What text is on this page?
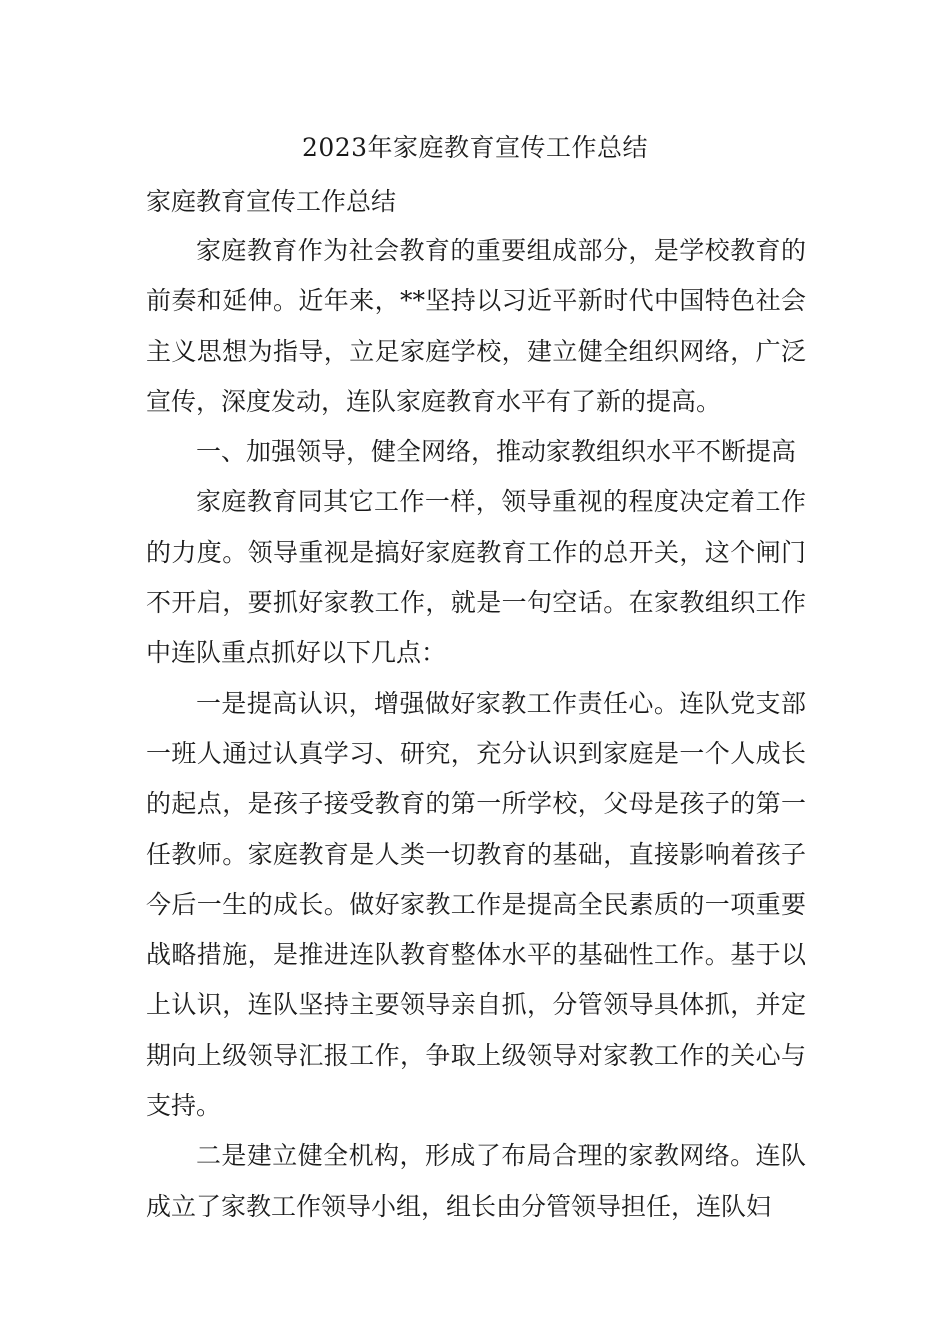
2023年家庭教育宣传工作总结
家庭教育宣传工作总结

家庭教育作为社会教育的重要组成部分，是学校教育的前奏和延伸。近年来，**坚持以习近平新时代中国特色社会主义思想为指导，立足家庭学校，建立健全组织网络，广泛宣传，深度发动，连队家庭教育水平有了新的提高。

一、加强领导，健全网络，推动家教组织水平不断提高

家庭教育同其它工作一样，领导重视的程度决定着工作的力度。领导重视是搞好家庭教育工作的总开关，这个闸门不开启，要抓好家教工作，就是一句空话。在家教组织工作中连队重点抓好以下几点：

一是提高认识，增强做好家教工作责任心。连队党支部一班人通过认真学习、研究，充分认识到家庭是一个人成长的起点，是孩子接受教育的第一所学校，父母是孩子的第一任教师。家庭教育是人类一切教育的基础，直接影响着孩子今后一生的成长。做好家教工作是提高全民素质的一项重要战略措施，是推进连队教育整体水平的基础性工作。基于以上认识，连队坚持主要领导亲自抓，分管领导具体抓，并定期向上级领导汇报工作，争取上级领导对家教工作的关心与支持。

二是建立健全机构，形成了布局合理的家教网络。连队成立了家教工作领导小组，组长由分管领导担任，连队妇
